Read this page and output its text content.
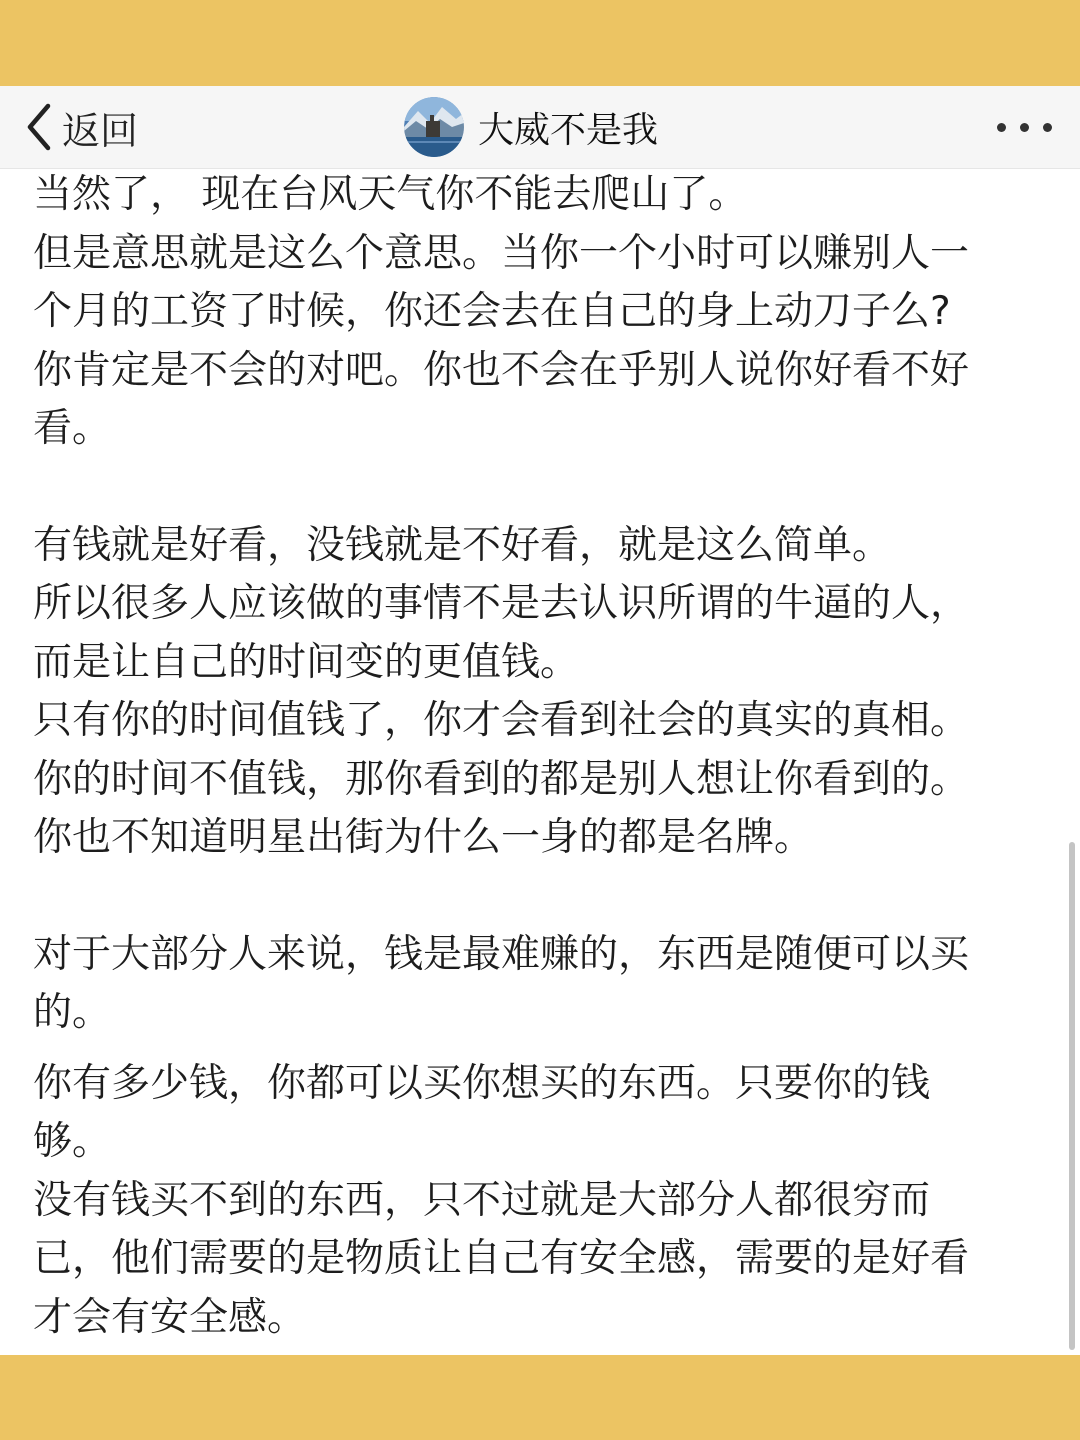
返回	大威不是我
当然了， 现在台风天气你不能去爬山了。
但是意思就是这么个意思。当你一个小时可以赚别人一
个月的工资了时候，你还会去在自己的身上动刀子么?
你肯定是不会的对吧。你也不会在乎别人说你好看不好
看。
有钱就是好看，没钱就是不好看，就是这么简单。
所以很多人应该做的事情不是去认识所谓的牛逼的人，
而是让自己的时间变的更值钱。
只有你的时间值钱了，你才会看到社会的真实的真相。
你的时间不值钱，那你看到的都是别人想让你看到的。
你也不知道明星出街为什么一身的都是名牌。
对于大部分人来说，钱是最难赚的，东西是随便可以买
的。
你有多少钱，你都可以买你想买的东西。只要你的钱
够。
没有钱买不到的东西，只不过就是大部分人都很穷而
已，他们需要的是物质让自己有安全感，需要的是好看
才会有安全感。
